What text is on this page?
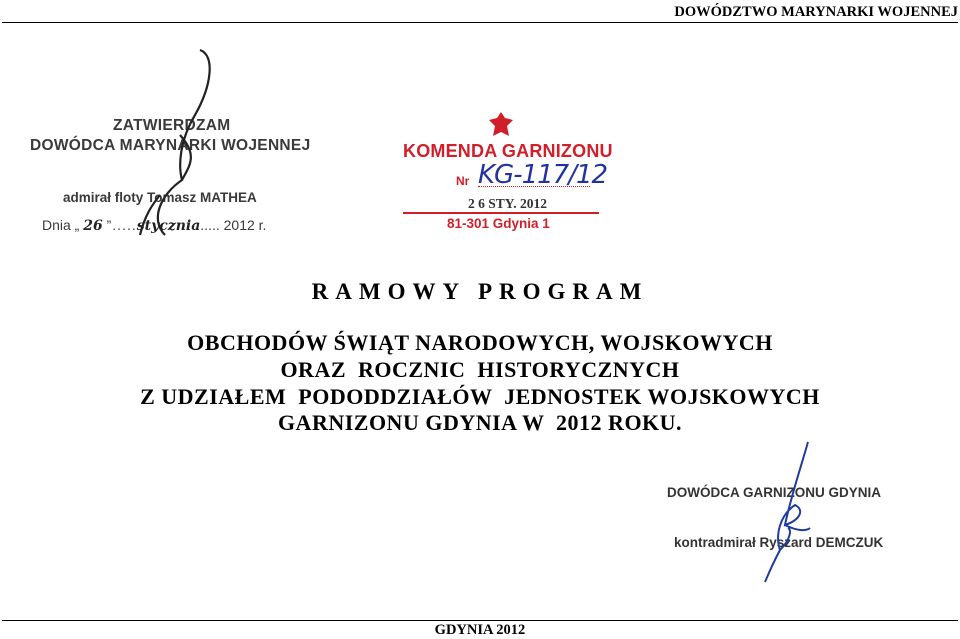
DOWÓDZTWO MARYNARKI WOJENNEJ
ZATWIERDZAM
DOWÓDCA MARYNARKI WOJENNEJ
admirał floty Tomasz MATHEA
Dnia „ 26 ”.....stycznia..... 2012 r.
KOMENDA GARNIZONU
Nr KG-117/12
2 6 STY. 2012
81-301 Gdynia 1
RAMOWY PROGRAM
OBCHODÓW ŚWIĄT NARODOWYCH, WOJSKOWYCH
ORAZ  ROCZNIC  HISTORYCZNYCH
Z UDZIAŁEM  PODODDZIAŁÓW  JEDNOSTEK WOJSKOWYCH
GARNIZONU GDYNIA W  2012 ROKU.
DOWÓDCA GARNIZONU GDYNIA
kontradmirał Ryszard DEMCZUK
GDYNIA 2012
